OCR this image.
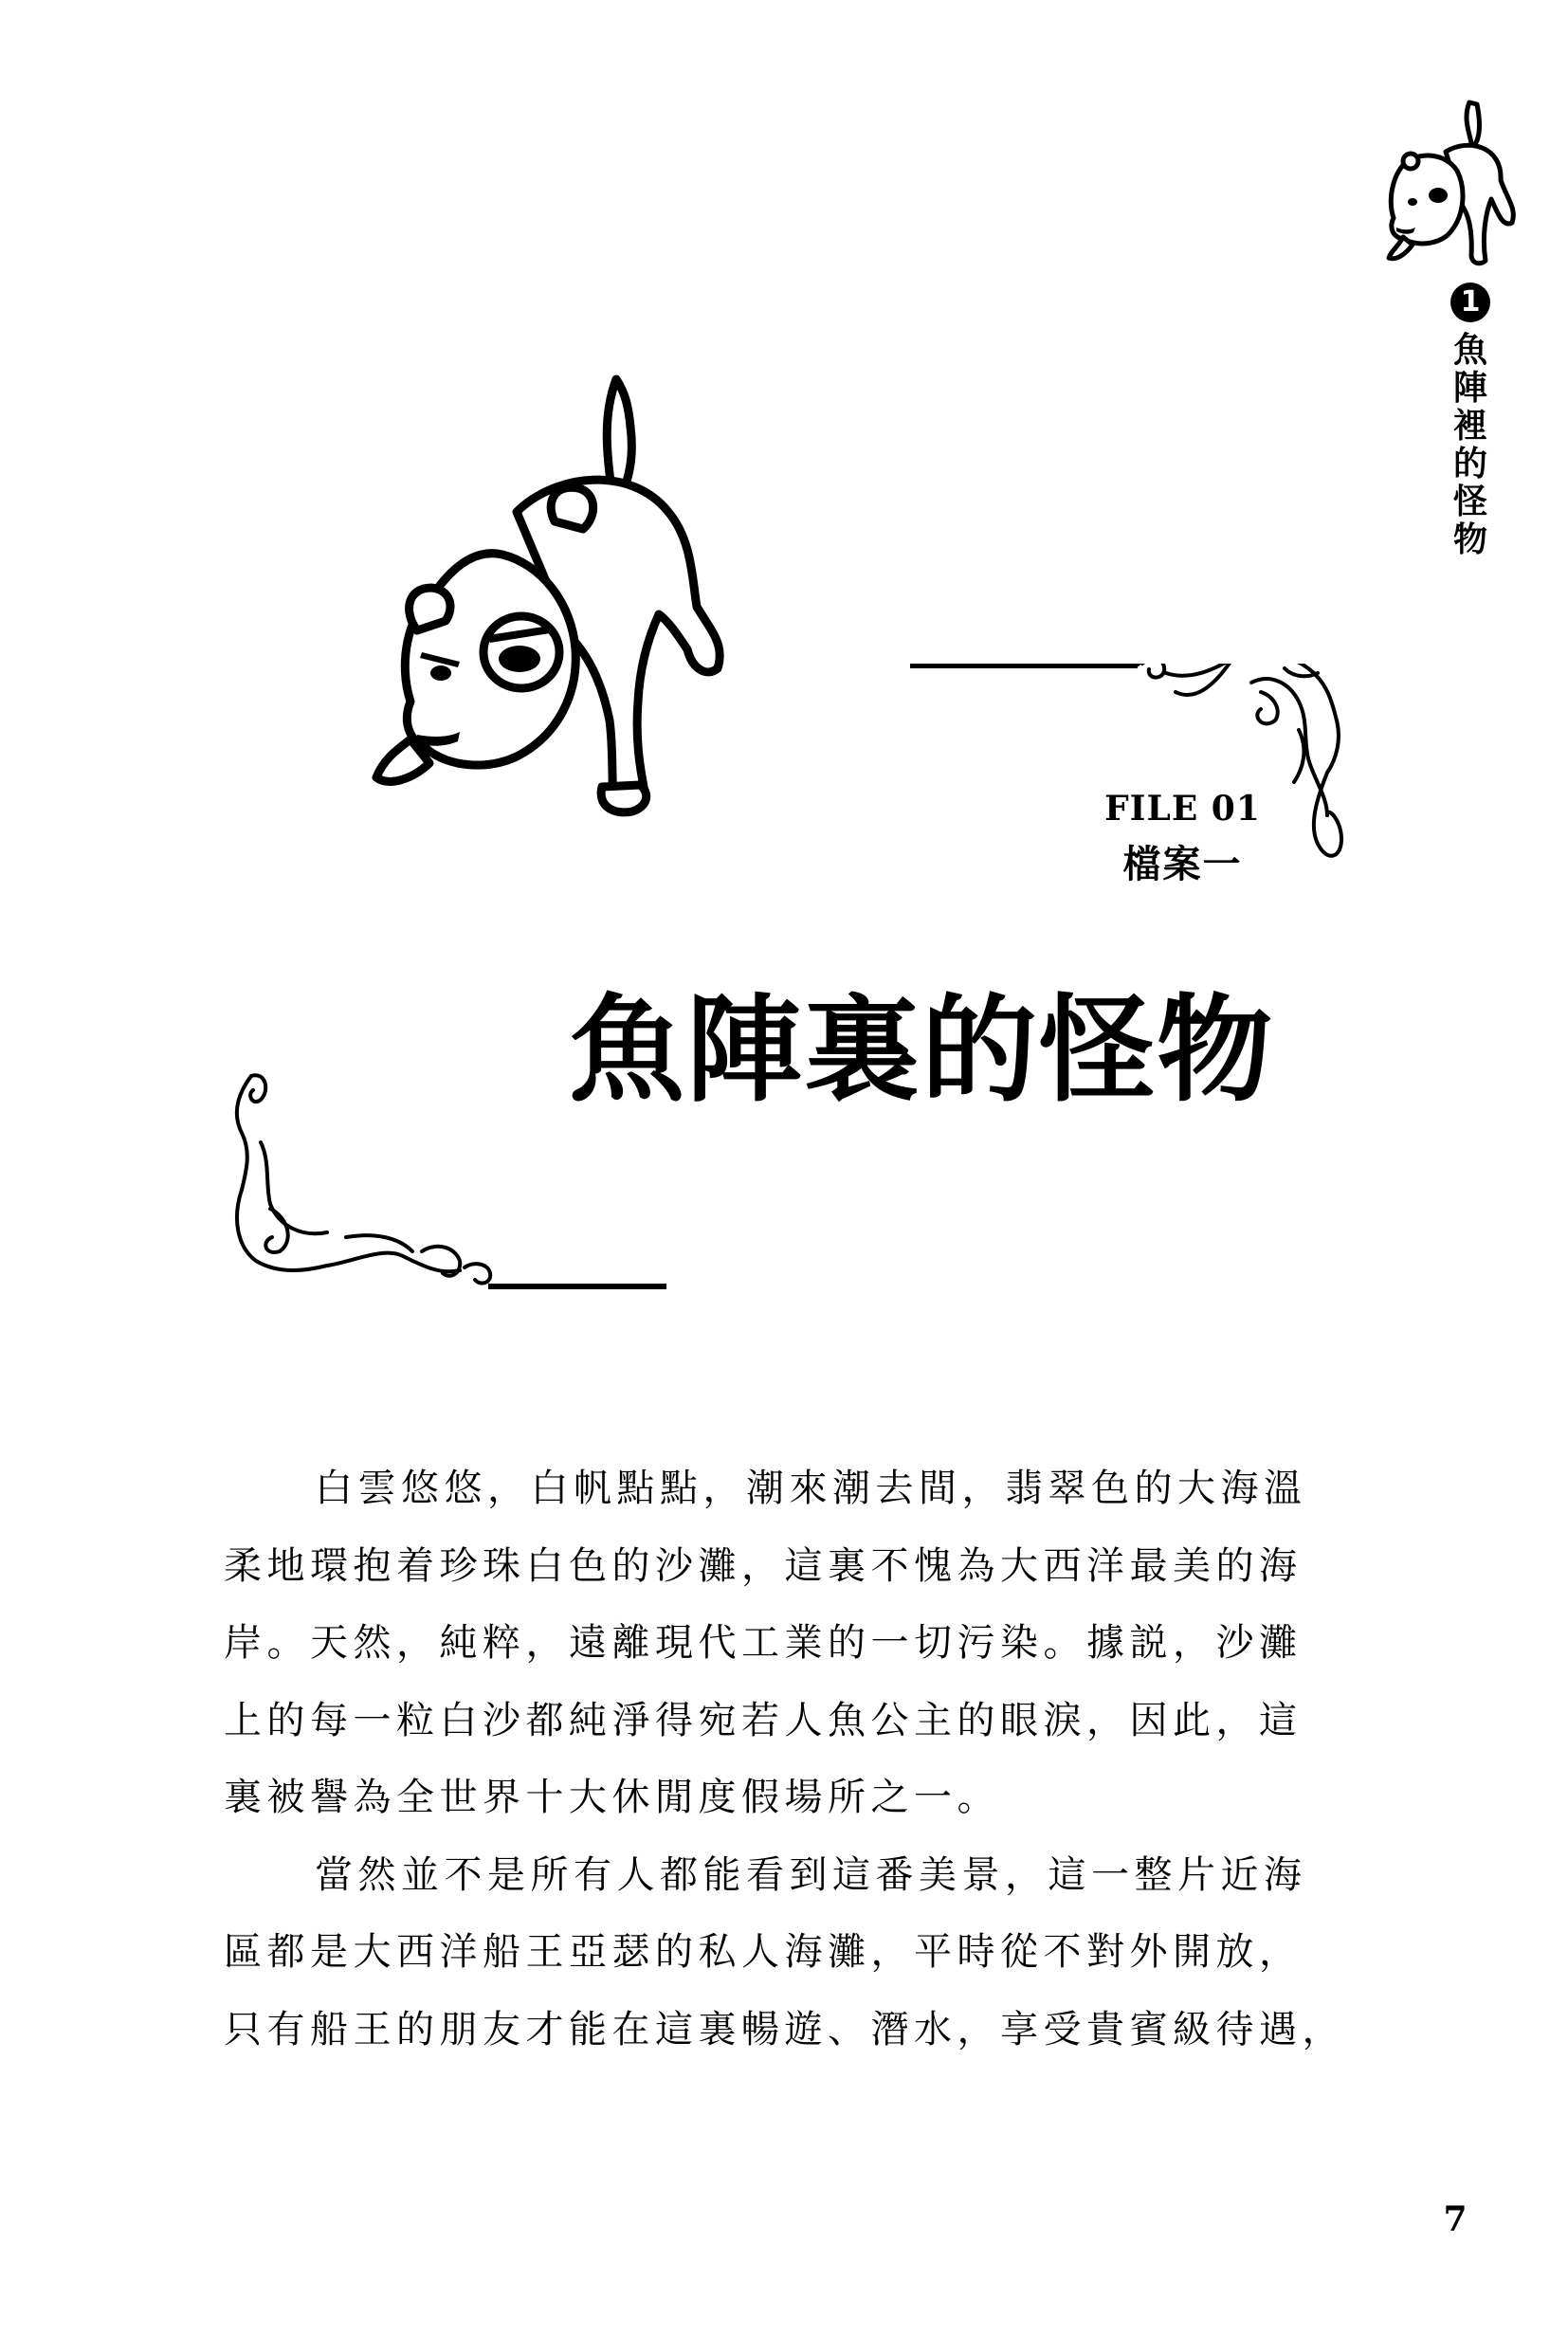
1
魚
陣
裡
的
怪
物
FILE 01
檔案一
魚陣裏的怪物

白雲悠悠，白帆點點，潮來潮去間，翡翠色的大海溫

柔地環抱着珍珠白色的沙灘，這裏不愧為大西洋最美的海

岸。天然，純粹，遠離現代工業的一切污染。據説，沙灘

上的每一粒白沙都純淨得宛若人魚公主的眼淚，因此，這

裏被譽為全世界十大休閒度假場所之一。

當然並不是所有人都能看到這番美景，這一整片近海

區都是大西洋船王亞瑟的私人海灘，平時從不對外開放，

只有船王的朋友才能在這裏暢遊、潛水，享受貴賓級待遇，

7
